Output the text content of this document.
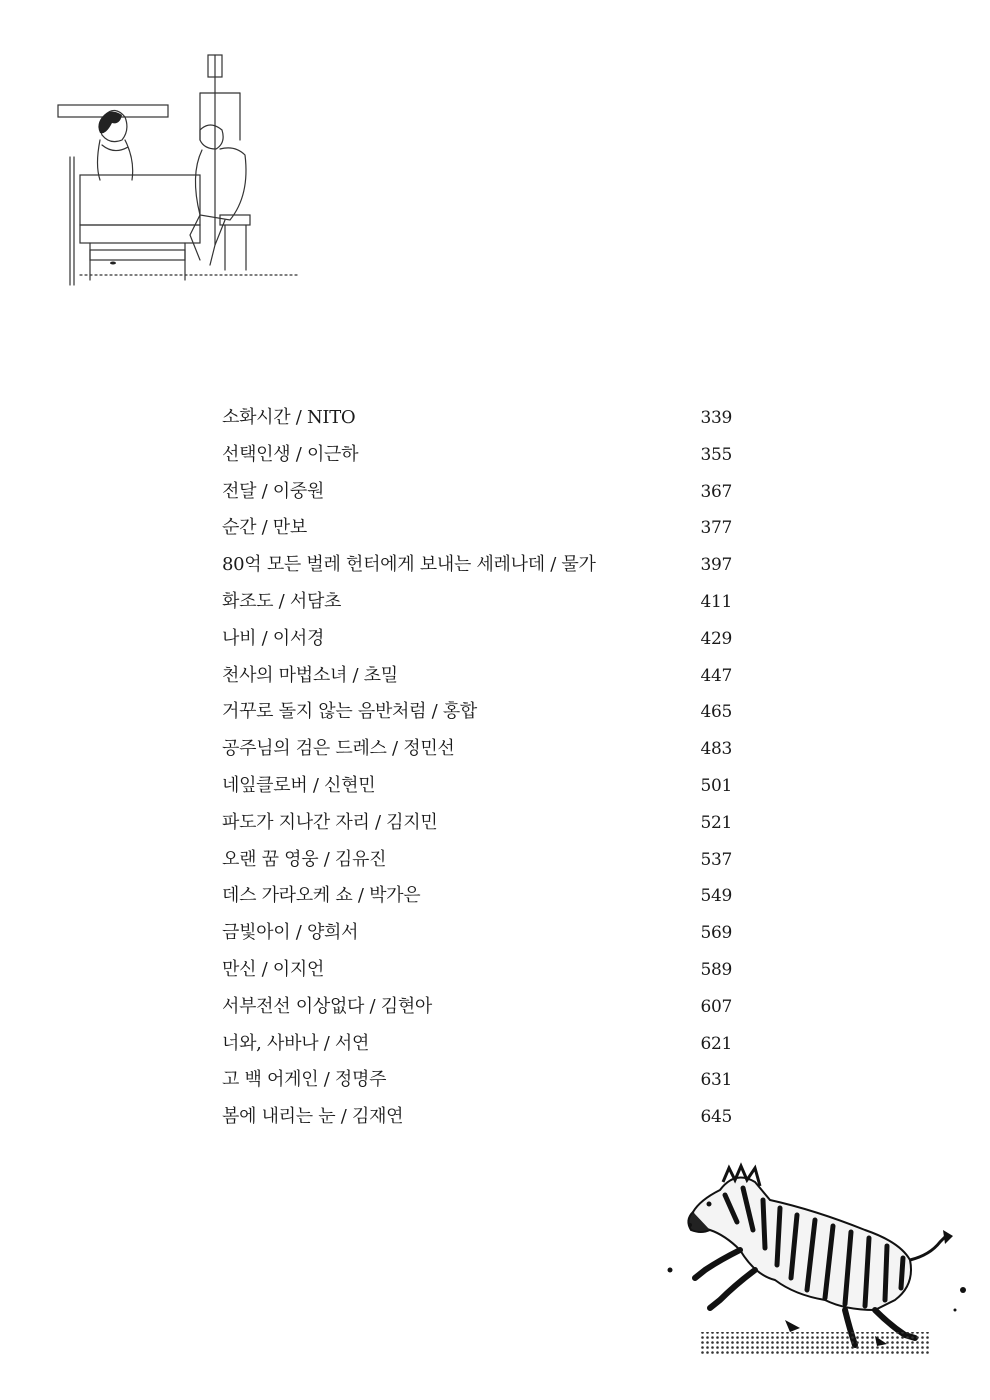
소화시간 / NITO	339
선택인생 / 이근하	355
전달 / 이중원	367
순간 / 만보	377
80억 모든 벌레 헌터에게 보내는 세레나데 / 물가	397
화조도 / 서담초	411
나비 / 이서경	429
천사의 마법소녀 / 초밀	447
거꾸로 돌지 않는 음반처럼 / 홍합	465
공주님의 검은 드레스 / 정민선	483
네잎클로버 / 신현민	501
파도가 지나간 자리 / 김지민	521
오랜 꿈 영웅 / 김유진	537
데스 가라오케 쇼 / 박가은	549
금빛아이 / 양희서	569
만신 / 이지언	589
서부전선 이상없다 / 김현아	607
너와, 사바나 / 서연	621
고 백 어게인 / 정명주	631
봄에 내리는 눈 / 김재연	645
